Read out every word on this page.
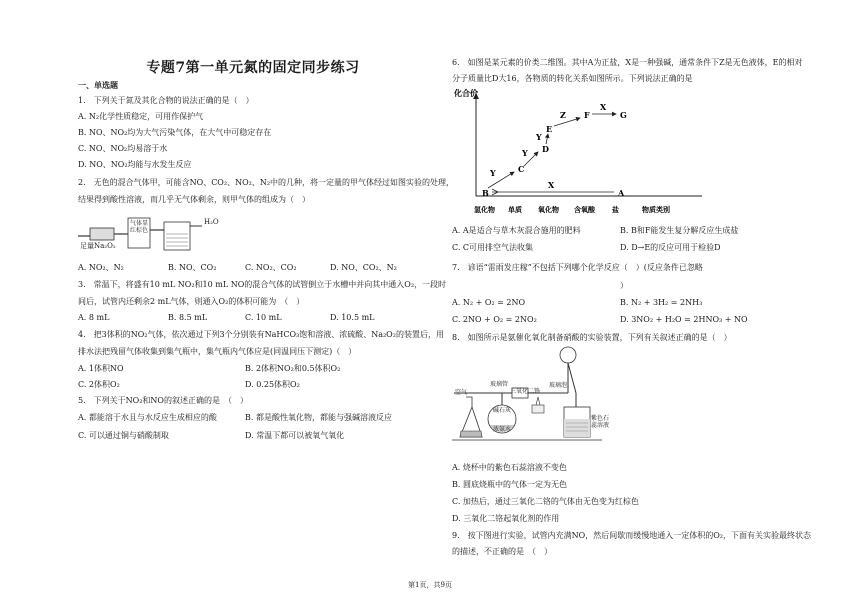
专题7第一单元氮的固定同步练习
一、单选题
1.　下列关于氮及其化合物的说法正确的是（　）
A. N₂化学性质稳定，可用作保护气
B. NO、NO₂均为大气污染气体，在大气中可稳定存在
C. NO、NO₂均易溶于水
D. NO、NO₂均能与水发生反应
2.　无色的混合气体甲，可能含NO、CO₂、NO₂、N₂中的几种，将一定量的甲气体经过如图实验的处理，
结果得到酸性溶液，而几乎无气体剩余，则甲气体的组成为（　）
足量Na₂O₂
气体显红棕色
H₂O
A. NO₂、N₂	B. NO、CO₂	C. NO₂、CO₂	D. NO、CO₂、N₂
3.　常温下，将盛有10 mL NO₂和10 mL NO的混合气体的试管倒立于水槽中并向其中通入O₂，一段时
间后，试管内还剩余2 mL气体，则通入O₂的体积可能为　（　）
A. 8 mL	B. 8.5 mL	C. 10 mL	D. 10.5 mL
4.　把3体积的NO₂气体，依次通过下列3个分别装有NaHCO₃饱和溶液、浓硫酸、Na₂O₂的装置后，用
排水法把残留气体收集到集气瓶中，集气瓶内气体应是(同温同压下测定)（　）
A. 1体积NO	B. 2体积NO₂和0.5体积O₂
C. 2体积O₂	D. 0.25体积O₂
5.　下列关于NO₂和NO的叙述正确的是　（　）
A. 都能溶于水且与水反应生成相应的酸	B. 都是酸性氧化物，都能与强碱溶液反应
C. 可以通过铜与硝酸制取	D. 常温下都可以被氧气氧化
6.　如图是某元素的价类二维图。其中A为正盐，X是一种强碱，通常条件下Z是无色液体，E的相对
分子质量比D大16，各物质的转化关系如图所示。下列说法正确的是
化合价
氢化物 单质 氧化物 含氧酸 盐	物质类别
B	A
X
Y	C
Y D
Y
E
Z F
X
G
A. A是适合与草木灰混合施用的肥料	B. B和F能发生复分解反应生成盐
C. C可用排空气法收集	D. D→E的反应可用于检验D
7.　谚语“雷雨发庄稼”不包括下列哪个化学反应（　）(反应条件已忽略
）
A. N₂ + O₂ = 2NO	B. N₂ + 3H₂ = 2NH₃
C. 2NO + O₂ = 2NO₂	D. 3NO₂ + H₂O = 2HNO₃ + NO
8.　如图所示是氨催化氧化制备硝酸的实验装置，下列有关叙述正确的是（　）
空气
玻璃管
三氧化二铬
碱石灰
浓氨水
玻璃泡
紫色石蕊溶液
A. 烧杯中的紫色石蕊溶液不变色
B. 圆底烧瓶中的气体一定为无色
C. 加热后，通过三氧化二铬的气体由无色变为红棕色
D. 三氧化二铬起氧化剂的作用
9.　按下图进行实验，试管内充满NO，然后间歇而缓慢地通入一定体积的O₂，下面有关实验最终状态
的描述，不正确的是　（　）
第1页，共9页
